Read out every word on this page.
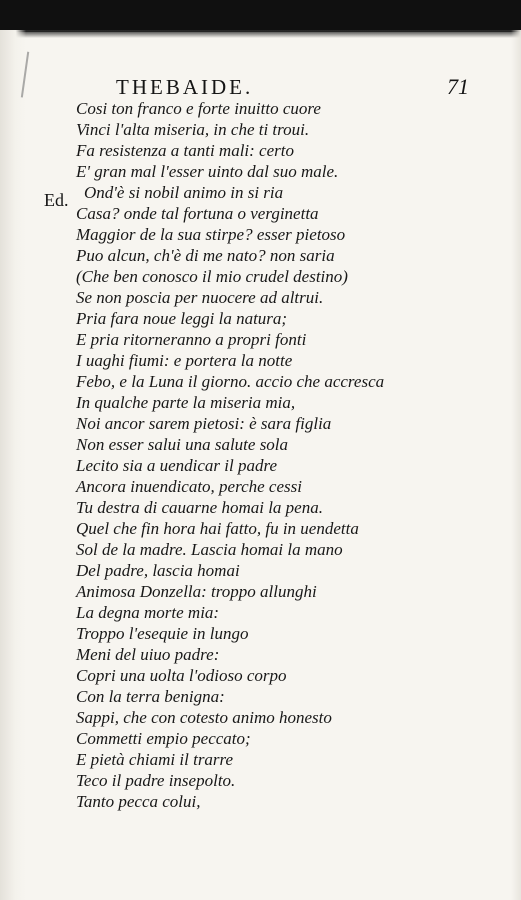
THEBAIDE.	71
Ed.
Cosi ton franco e forte inuitto cuore
Vinci l'alta miseria, in che ti troui.
Fa resistenza a tanti mali: certo
E' gran mal l'esser uinto dal suo male.
Ond'è si nobil animo in si ria
Casa? onde tal fortuna o verginetta
Maggior de la sua stirpe? esser pietoso
Puo alcun, ch'è di me nato? non saria
(Che ben conosco il mio crudel destino)
Se non poscia per nuocere ad altrui.
Pria fara noue leggi la natura;
E pria ritorneranno a propri fonti
I uaghi fiumi: e portera la notte
Febo, e la Luna il giorno. accio che accresca
In qualche parte la miseria mia,
Noi ancor sarem pietosi: è sara figlia
Non esser salui una salute sola
Lecito sia a uendicar il padre
Ancora inuendicato, perche cessi
Tu destra di cauarne homai la pena.
Quel che fin hora hai fatto, fu in uendetta
Sol de la madre. Lascia homai la mano
Del padre, lascia homai
Animosa Donzella: troppo allunghi
La degna morte mia:
Troppo l'esequie in lungo
Meni del uiuo padre:
Copri una uolta l'odioso corpo
Con la terra benigna:
Sappi, che con cotesto animo honesto
Commetti empio peccato;
E pietà chiami il trarre
Teco il padre insepolto.
Tanto pecca colui,
